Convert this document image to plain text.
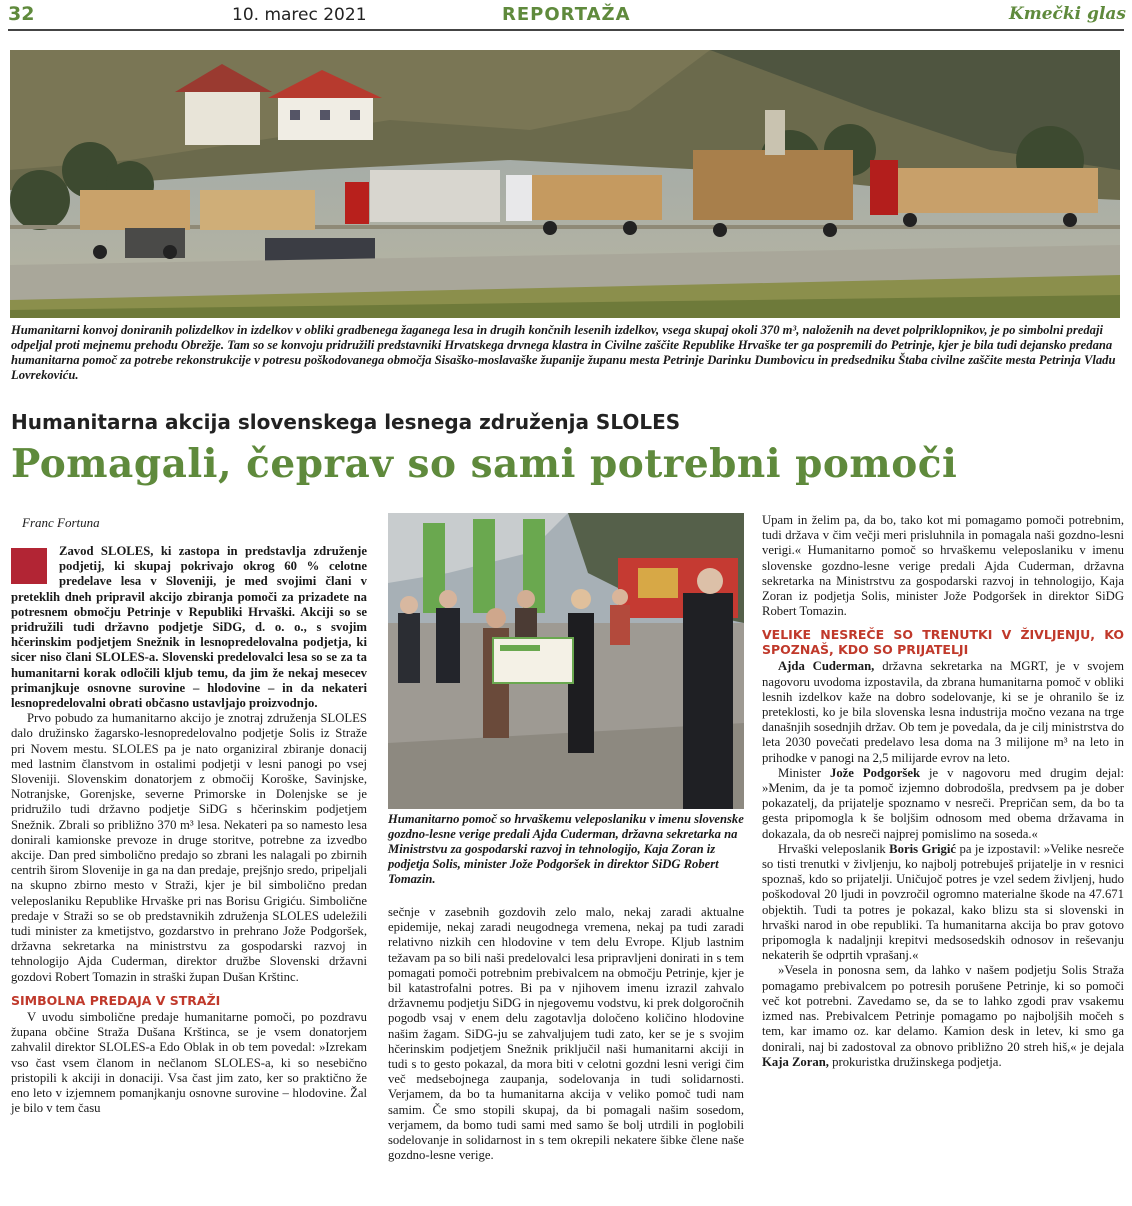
32	10. marec 2021	REPORTAŽA	Kmečki glas
Humanitarni konvoj doniranih polizdelkov in izdelkov v obliki gradbenega žaganega lesa in drugih končnih lesenih izdelkov, vsega skupaj okoli 370 m³, naloženih na devet polpriklopnikov, je po simbolni predaji odpeljal proti mejnemu prehodu Obrežje. Tam so se konvoju pridružili predstavniki Hrvatskega drvnega klastra in Civilne zaščite Republike Hrvaške ter ga pospremili do Petrinje, kjer je bila tudi dejansko predana humanitarna pomoč za potrebe rekonstrukcije v potresu poškodovanega območja Sisaško-moslavaške županije županu mesta Petrinje Darinku Dumbovicu in predsedniku Štaba civilne zaščite mesta Petrinja Vladu Lovrekoviću.
Humanitarna akcija slovenskega lesnega združenja SLOLES
Pomagali, čeprav so sami potrebni pomoči
Franc Fortuna

Zavod SLOLES, ki zastopa in predstavlja združenje podjetij, ki skupaj pokrivajo okrog 60 % celotne predelave lesa v Sloveniji, je med svojimi člani v preteklih dneh pripravil akcijo zbiranja pomoči za prizadete na potresnem območju Petrinje v Republiki Hrvaški. Akciji so se pridružili tudi državno podjetje SiDG, d. o. o., s svojim hčerinskim podjetjem Snežnik in lesnopredelovalna podjetja, ki sicer niso člani SLOLES-a. Slovenski predelovalci lesa so se za ta humanitarni korak odločili kljub temu, da jim že nekaj mesecev primanjkuje osnovne surovine – hlodovine – in da nekateri lesnopredelovalni obrati občasno ustavljajo proizvodnjo.

Prvo pobudo za humanitarno akcijo je znotraj združenja SLOLES dalo družinsko žagarsko-lesnopredelovalno podjetje Solis iz Straže pri Novem mestu. SLOLES pa je nato organiziral zbiranje donacij med lastnim članstvom in ostalimi podjetji v lesni panogi po vsej Sloveniji. Slovenskim donatorjem z območij Koroške, Savinjske, Notranjske, Gorenjske, severne Primorske in Dolenjske se je pridružilo tudi državno podjetje SiDG s hčerinskim podjetjem Snežnik. Zbrali so približno 370 m³ lesa. Nekateri pa so namesto lesa donirali kamionske prevoze in druge storitve, potrebne za izvedbo akcije. Dan pred simbolično predajo so zbrani les nalagali po zbirnih centrih širom Slovenije in ga na dan predaje, prejšnjo sredo, pripeljali na skupno zbirno mesto v Straži, kjer je bil simbolično predan veleposlaniku Republike Hrvaške pri nas Borisu Grigiću. Simbolične predaje v Straži so se ob predstavnikih združenja SLOLES udeležili tudi minister za kmetijstvo, gozdarstvo in prehrano Jože Podgoršek, državna sekretarka na ministrstvu za gospodarski razvoj in tehnologijo Ajda Cuderman, direktor družbe Slovenski državni gozdovi Robert Tomazin in straški župan Dušan Krštinc.

SIMBOLNA PREDAJA V STRAŽI

V uvodu simbolične predaje humanitarne pomoči, po pozdravu župana občine Straža Dušana Krštinca, se je vsem donatorjem zahvalil direktor SLOLES-a Edo Oblak in ob tem povedal: »Izrekam vso čast vsem članom in nečlanom SLOLES-a, ki so nesebično pristopili k akciji in donaciji. Vsa čast jim zato, ker so praktično že eno leto v izjemnem pomanjkanju osnovne surovine – hlodovine. Žal je bilo v tem času

Humanitarno pomoč so hrvaškemu veleposlaniku v imenu slovenske gozdno-lesne verige predali Ajda Cuderman, državna sekretarka na Ministrstvu za gospodarski razvoj in tehnologijo, Kaja Zoran iz podjetja Solis, minister Jože Podgoršek in direktor SiDG Robert Tomazin.

sečnje v zasebnih gozdovih zelo malo, nekaj zaradi aktualne epidemije, nekaj zaradi neugodnega vremena, nekaj pa tudi zaradi relativno nizkih cen hlodovine v tem delu Evrope. Kljub lastnim težavam pa so bili naši predelovalci lesa pripravljeni donirati in s tem pomagati pomoči potrebnim prebivalcem na območju Petrinje, kjer je bil katastrofalni potres. Bi pa v njihovem imenu izrazil zahvalo državnemu podjetju SiDG in njegovemu vodstvu, ki prek dolgoročnih pogodb vsaj v enem delu zagotavlja določeno količino hlodovine našim žagam. SiDG-ju se zahvaljujem tudi zato, ker se je s svojim hčerinskim podjetjem Snežnik priključil naši humanitarni akciji in tudi s to gesto pokazal, da mora biti v celotni gozdni lesni verigi čim več medsebojnega zaupanja, sodelovanja in tudi solidarnosti. Verjamem, da bo ta humanitarna akcija v veliko pomoč tudi nam samim. Če smo stopili skupaj, da bi pomagali našim sosedom, verjamem, da bomo tudi sami med samo še bolj utrdili in poglobili sodelovanje in solidarnost in s tem okrepili nekatere šibke člene naše gozdno-lesne verige.

Upam in želim pa, da bo, tako kot mi pomagamo pomoči potrebnim, tudi država v čim večji meri prisluhnila in pomagala naši gozdno-lesni verigi.« Humanitarno pomoč so hrvaškemu veleposlaniku v imenu slovenske gozdno-lesne verige predali Ajda Cuderman, državna sekretarka na Ministrstvu za gospodarski razvoj in tehnologijo, Kaja Zoran iz podjetja Solis, minister Jože Podgoršek in direktor SiDG Robert Tomazin.

VELIKE NESREČE SO TRENUTKI V ŽIVLJENJU, KO SPOZNAŠ, KDO SO PRIJATELJI

Ajda Cuderman, državna sekretarka na MGRT, je v svojem nagovoru uvodoma izpostavila, da zbrana humanitarna pomoč v obliki lesnih izdelkov kaže na dobro sodelovanje, ki se je ohranilo še iz preteklosti, ko je bila slovenska lesna industrija močno vezana na trge današnjih sosednjih držav. Ob tem je povedala, da je cilj ministrstva do leta 2030 povečati predelavo lesa doma na 3 milijone m³ na leto in prihodke v panogi na 2,5 milijarde evrov na leto.

Minister Jože Podgoršek je v nagovoru med drugim dejal: »Menim, da je ta pomoč izjemno dobrodošla, predvsem pa je dober pokazatelj, da prijatelje spoznamo v nesreči. Prepričan sem, da bo ta gesta pripomogla k še boljšim odnosom med obema državama in dokazala, da ob nesreči najprej pomislimo na soseda.«

Hrvaški veleposlanik Boris Grigić pa je izpostavil: »Velike nesreče so tisti trenutki v življenju, ko najbolj potrebuješ prijatelje in v resnici spoznaš, kdo so prijatelji. Uničujoč potres je vzel sedem življenj, hudo poškodoval 20 ljudi in povzročil ogromno materialne škode na 47.671 objektih. Tudi ta potres je pokazal, kako blizu sta si slovenski in hrvaški narod in obe republiki. Ta humanitarna akcija bo prav gotovo pripomogla k nadaljnji krepitvi medsosedskih odnosov in reševanju nekaterih še odprtih vprašanj.«

»Vesela in ponosna sem, da lahko v našem podjetju Solis Straža pomagamo prebivalcem po potresih porušene Petrinje, ki so pomoči več kot potrebni. Zavedamo se, da se to lahko zgodi prav vsakemu izmed nas. Prebivalcem Petrinje pomagamo po najboljših močeh s tem, kar imamo oz. kar delamo. Kamion desk in letev, ki smo ga donirali, naj bi zadostoval za obnovo približno 20 streh hiš,« je dejala Kaja Zoran, prokuristka družinskega podjetja.
